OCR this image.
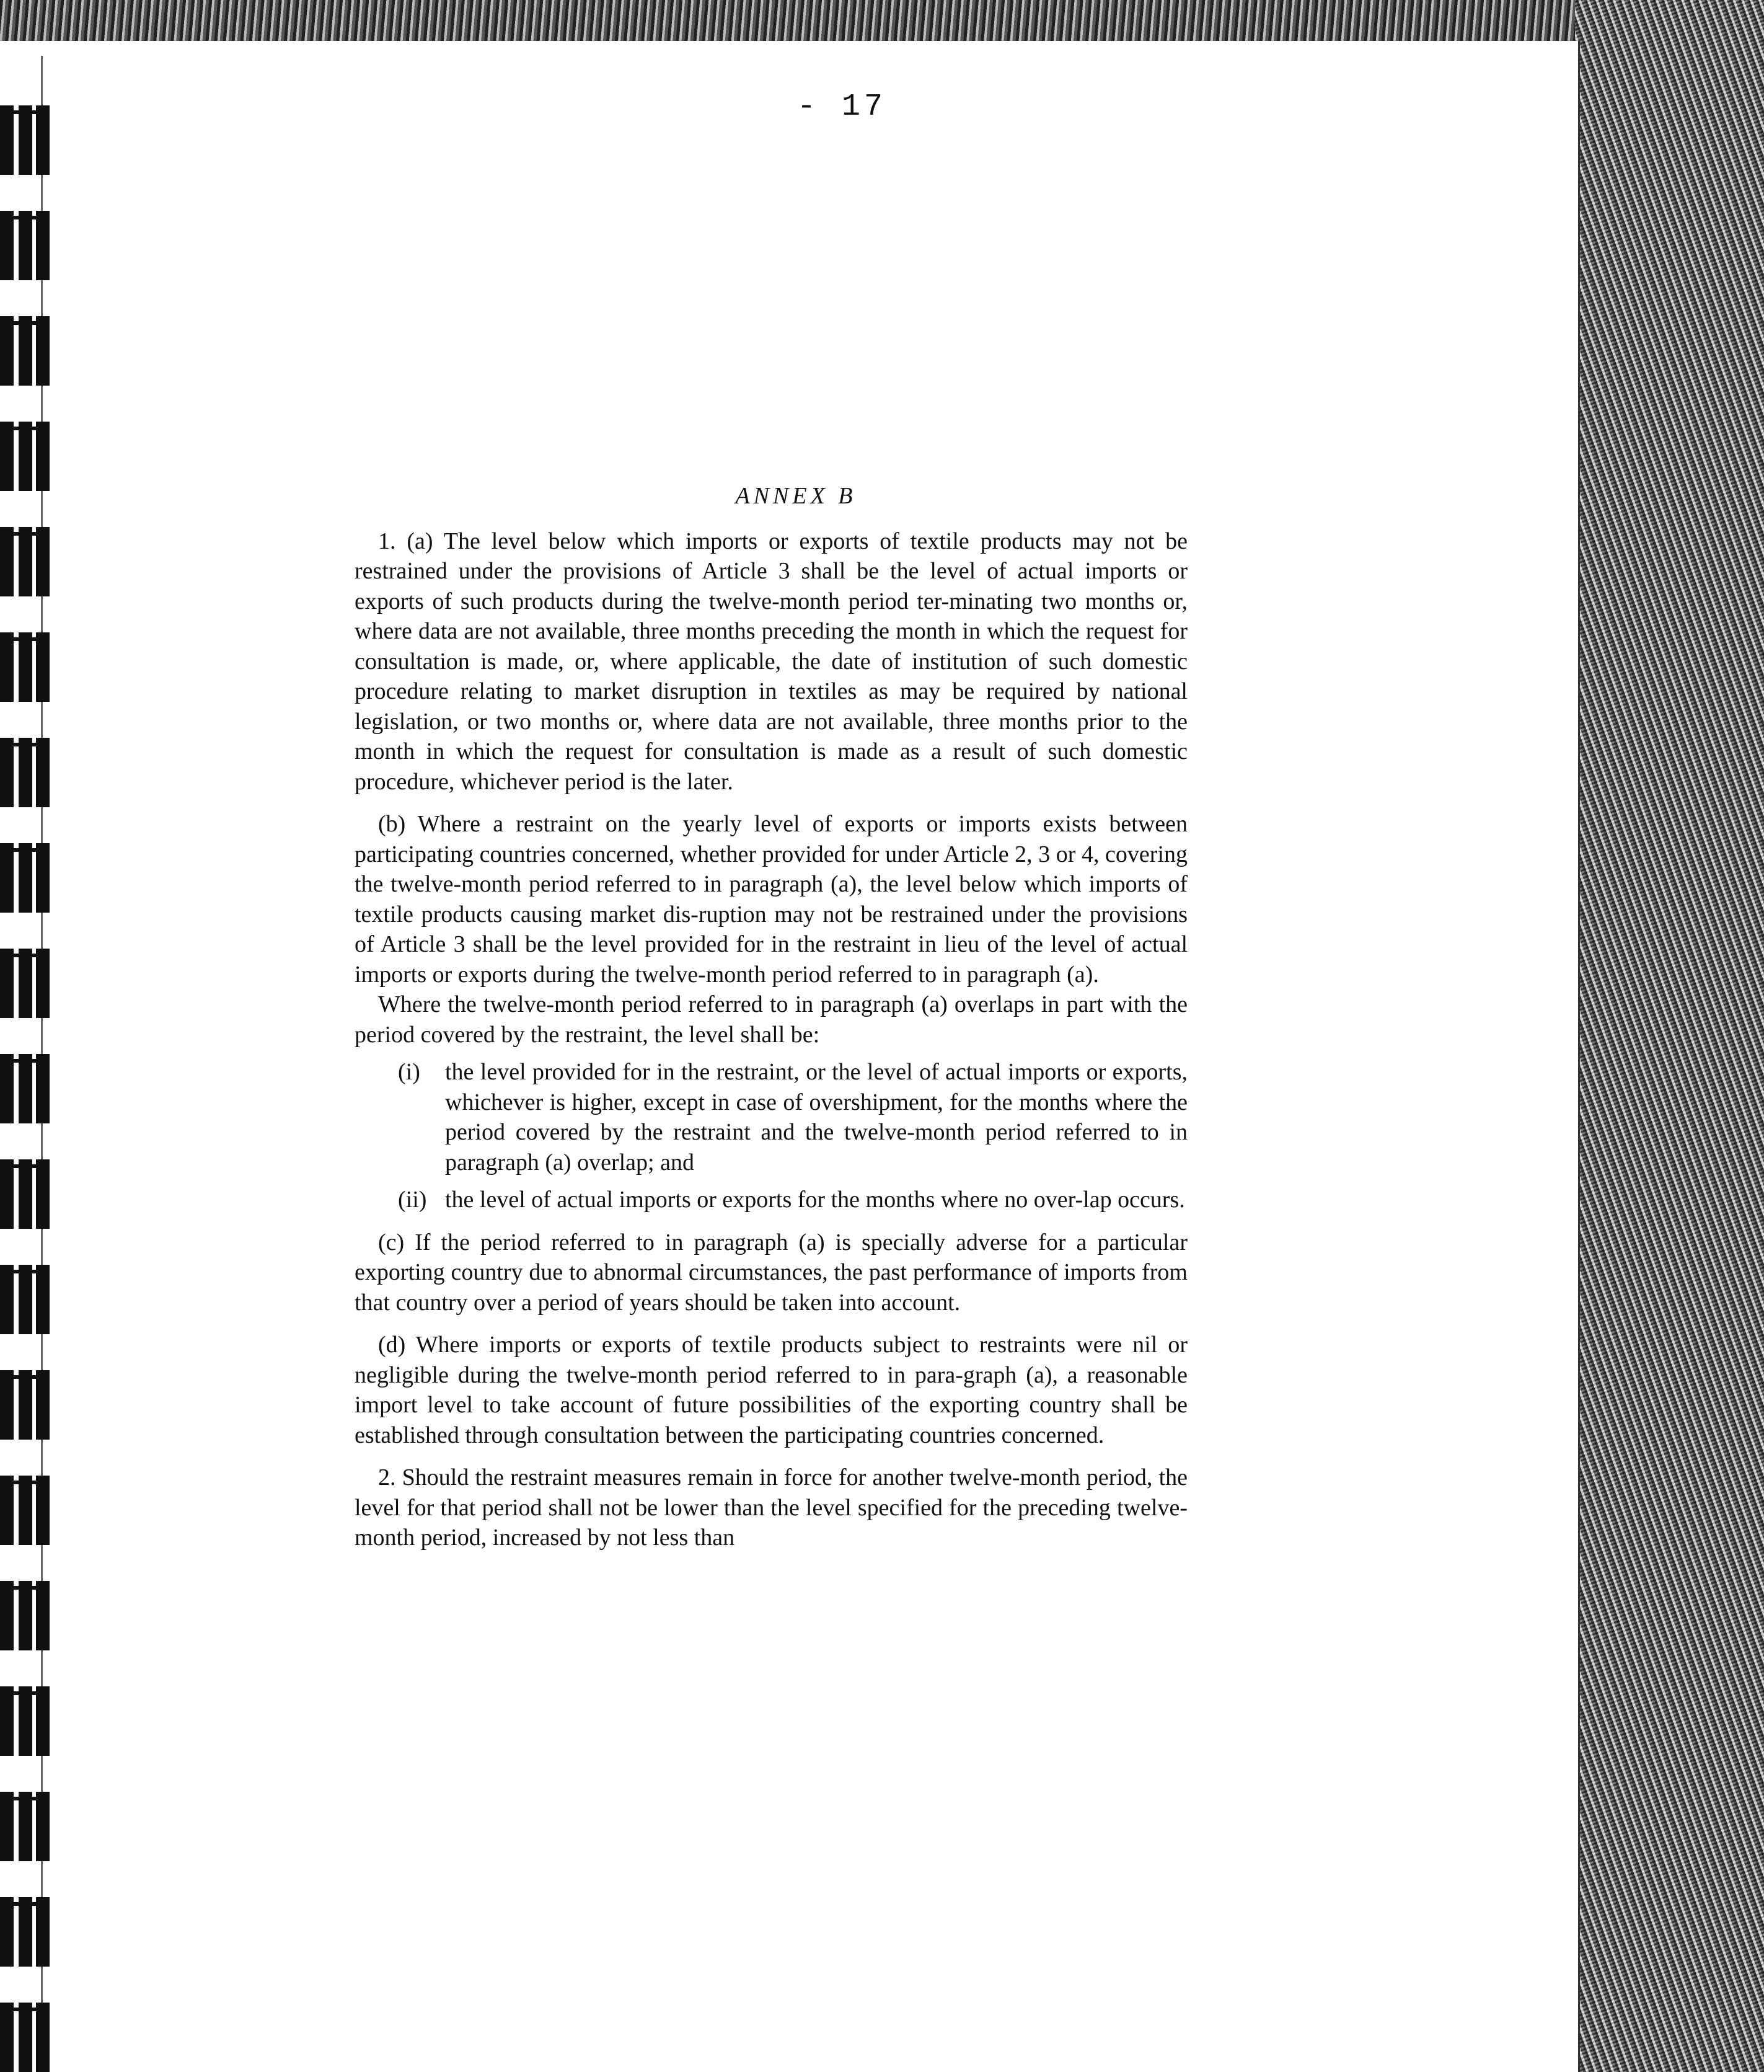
- 17
ANNEX B

1. (a) The level below which imports or exports of textile products may not be restrained under the provisions of Article 3 shall be the level of actual imports or exports of such products during the twelve-month period ter-minating two months or, where data are not available, three months preceding the month in which the request for consultation is made, or, where applicable, the date of institution of such domestic procedure relating to market disruption in textiles as may be required by national legislation, or two months or, where data are not available, three months prior to the month in which the request for consultation is made as a result of such domestic procedure, whichever period is the later.

(b) Where a restraint on the yearly level of exports or imports exists between participating countries concerned, whether provided for under Article 2, 3 or 4, covering the twelve-month period referred to in paragraph (a), the level below which imports of textile products causing market dis-ruption may not be restrained under the provisions of Article 3 shall be the level provided for in the restraint in lieu of the level of actual imports or exports during the twelve-month period referred to in paragraph (a).

Where the twelve-month period referred to in paragraph (a) overlaps in part with the period covered by the restraint, the level shall be:

(i)	the level provided for in the restraint, or the level of actual imports or exports, whichever is higher, except in case of overshipment, for the months where the period covered by the restraint and the twelve-month period referred to in paragraph (a) overlap; and
(ii) the level of actual imports or exports for the months where no over-lap occurs.

(c) If the period referred to in paragraph (a) is specially adverse for a particular exporting country due to abnormal circumstances, the past performance of imports from that country over a period of years should be taken into account.

(d) Where imports or exports of textile products subject to restraints were nil or negligible during the twelve-month period referred to in para-graph (a), a reasonable import level to take account of future possibilities of the exporting country shall be established through consultation between the participating countries concerned.

2. Should the restraint measures remain in force for another twelve-month period, the level for that period shall not be lower than the level specified for the preceding twelve-month period, increased by not less than
